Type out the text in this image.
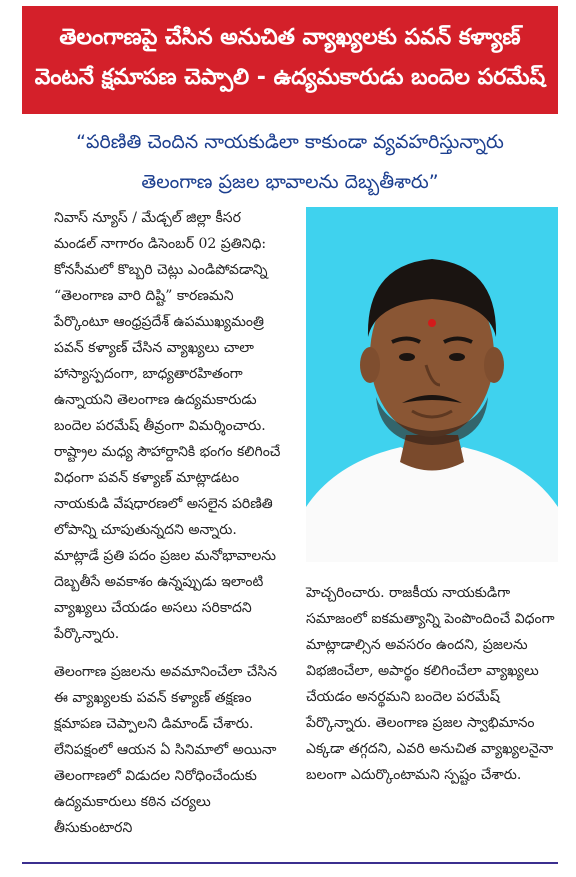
తెలంగాణపై చేసిన అనుచిత వ్యాఖ్యలకు పవన్ కళ్యాణ్
వెంటనే క్షమాపణ చెప్పాలి - ఉద్యమకారుడు బందెల పరమేష్
“పరిణితి చెందిన నాయకుడిలా కాకుండా వ్యవహరిస్తున్నారు
తెలంగాణ ప్రజల భావాలను దెబ్బతీశారు”

నివాస్ న్యూస్ / మేడ్చల్ జిల్లా కీసర మండల్ నాగారం డిసెంబర్ 02 ప్రతినిధి: కోనసీమలో కొబ్బరి చెట్లు ఎండిపోవడాన్ని “తెలంగాణ వారి దిష్టి” కారణమని పేర్కొంటూ ఆంధ్రప్రదేశ్ ఉపముఖ్యమంత్రి పవన్ కళ్యాణ్ చేసిన వ్యాఖ్యలు చాలా హాస్యాస్పదంగా, బాధ్యతారహితంగా ఉన్నాయని తెలంగాణ ఉద్యమకారుడు బందెల పరమేష్ తీవ్రంగా విమర్శించారు. రాష్ట్రాల మధ్య సౌహార్దానికి భంగం కలిగించే విధంగా పవన్ కళ్యాణ్ మాట్లాడటం నాయకుడి వేషధారణలో అసలైన పరిణితి లోపాన్ని చూపుతున్నదని అన్నారు. మాట్లాడే ప్రతి పదం ప్రజల మనోభావాలను దెబ్బతీసే అవకాశం ఉన్నప్పుడు ఇలాంటి వ్యాఖ్యలు చేయడం అసలు సరికాదని పేర్కొన్నారు.

తెలంగాణ ప్రజలను అవమానించేలా చేసిన ఈ వ్యాఖ్యలకు పవన్ కళ్యాణ్ తక్షణం క్షమాపణ చెప్పాలని డిమాండ్ చేశారు. లేనిపక్షంలో ఆయన ఏ సినిమాలో అయినా తెలంగాణలో విడుదల నిరోధించేందుకు ఉద్యమకారులు కఠిన చర్యలు తీసుకుంటారని

హెచ్చరించారు. రాజకీయ నాయకుడిగా సమాజంలో ఐకమత్యాన్ని పెంపొందించే విధంగా మాట్లాడాల్సిన అవసరం ఉందని, ప్రజలను విభజించేలా, అపార్థం కలిగించేలా వ్యాఖ్యలు చేయడం అనర్థమని బందెల పరమేష్ పేర్కొన్నారు. తెలంగాణ ప్రజల స్వాభిమానం ఎక్కడా తగ్గదని, ఎవరి అనుచిత వ్యాఖ్యలనైనా బలంగా ఎదుర్కొంటామని స్పష్టం చేశారు.
